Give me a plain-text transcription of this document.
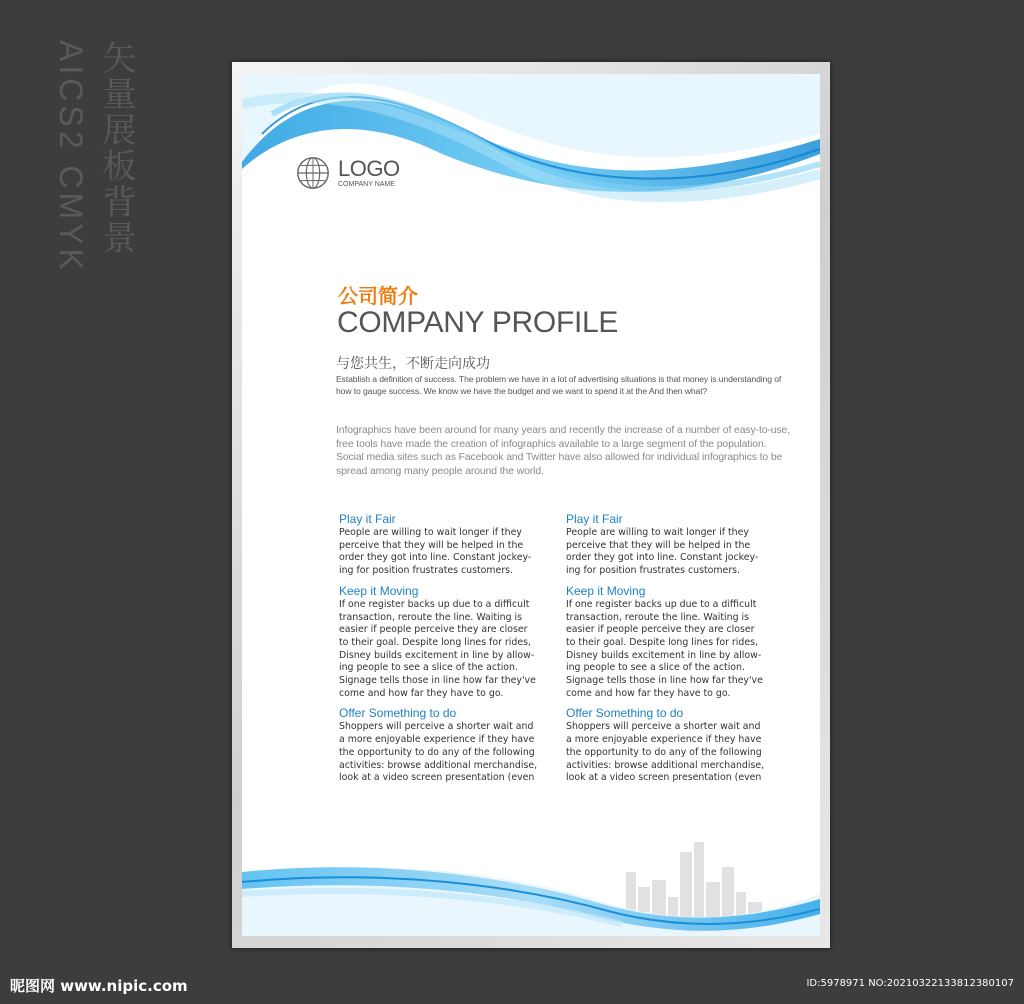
AICS2 CMYK 矢量展板背景	LOGO
COMPANY NAME
公司简介
COMPANY PROFILE
与您共生，不断走向成功
Establish a definition of success. The problem we have in a lot of advertising situations is that money is understanding of how to gauge success. We know we have the budget and we want to spend it at the And then what?
Infographics have been around for many years and recently the increase of a number of easy-to-use, free tools have made the creation of infographics available to a large segment of the population. Social media sites such as Facebook and Twitter have also allowed for individual infographics to be spread among many people around the world.

Play it Fair

People are willing to wait longer if they
perceive that they will be helped in the
order they got into line. Constant jockey-
ing for position frustrates customers.

Keep it Moving

If one register backs up due to a difficult
transaction, reroute the line. Waiting is
easier if people perceive they are closer
to their goal. Despite long lines for rides,
Disney builds excitement in line by allow-
ing people to see a slice of the action.
Signage tells those in line how far they've
come and how far they have to go.

Offer Something to do

Shoppers will perceive a shorter wait and
a more enjoyable experience if they have
the opportunity to do any of the following
activities: browse additional merchandise,
look at a video screen presentation (even

Play it Fair

People are willing to wait longer if they
perceive that they will be helped in the
order they got into line. Constant jockey-
ing for position frustrates customers.

Keep it Moving

If one register backs up due to a difficult
transaction, reroute the line. Waiting is
easier if people perceive they are closer
to their goal. Despite long lines for rides,
Disney builds excitement in line by allow-
ing people to see a slice of the action.
Signage tells those in line how far they've
come and how far they have to go.

Offer Something to do

Shoppers will perceive a shorter wait and
a more enjoyable experience if they have
the opportunity to do any of the following
activities: browse additional merchandise,
look at a video screen presentation (even

昵图网 www.nipic.com	ID:5978971 NO:20210322133812380107
